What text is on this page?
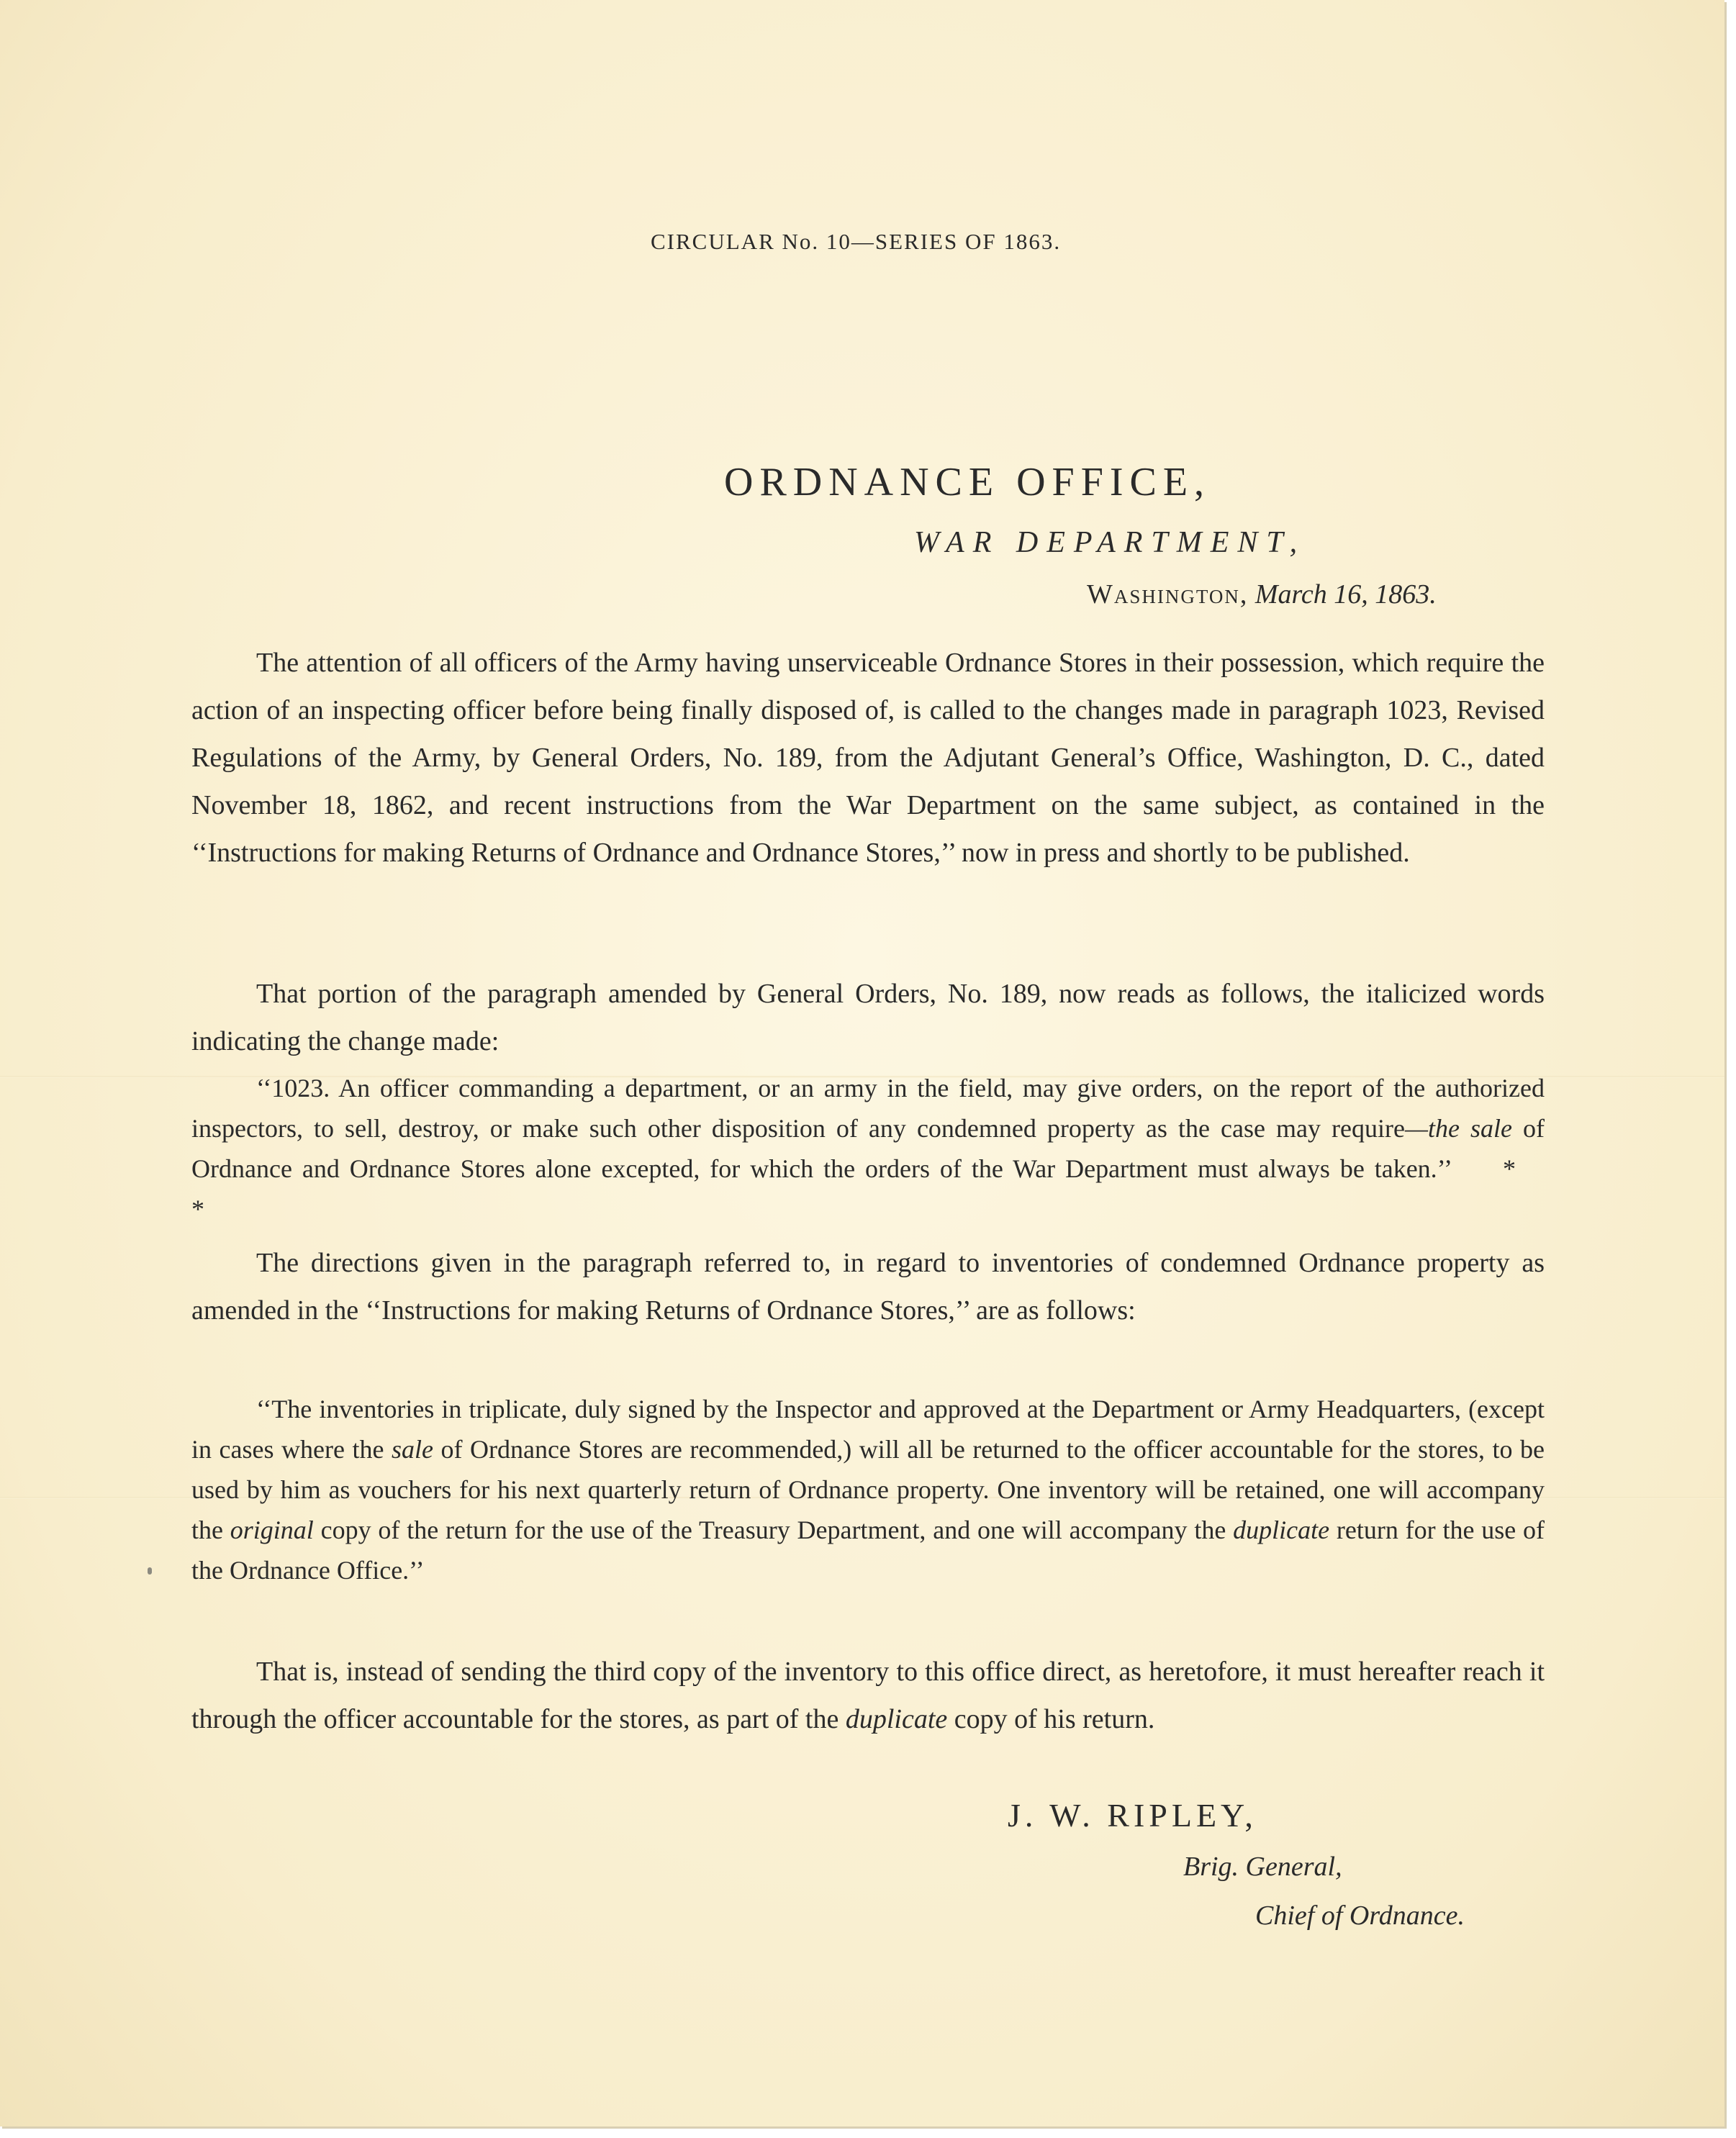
CIRCULAR No. 10—SERIES OF 1863.
ORDNANCE OFFICE,
WAR DEPARTMENT,
Washington, March 16, 1863.

The attention of all officers of the Army having unserviceable Ordnance Stores in their possession, which require the action of an inspecting officer before being finally disposed of, is called to the changes made in paragraph 1023, Revised Regulations of the Army, by General Orders, No. 189, from the Adjutant General’s Office, Washington, D. C., dated November 18, 1862, and recent instructions from the War Department on the same subject, as contained in the ‘‘Instructions for making Returns of Ordnance and Ordnance Stores,’’ now in press and shortly to be published.

That portion of the paragraph amended by General Orders, No. 189, now reads as follows, the italicized words indicating the change made:

‘‘1023. An officer commanding a department, or an army in the field, may give orders, on the report of the authorized inspectors, to sell, destroy, or make such other disposition of any condemned property as the case may require—the sale of Ordnance and Ordnance Stores alone excepted, for which the orders of the War Department must always be taken.’’ * *

The directions given in the paragraph referred to, in regard to inventories of condemned Ordnance property as amended in the ‘‘Instructions for making Returns of Ordnance Stores,’’ are as follows:

‘‘The inventories in triplicate, duly signed by the Inspector and approved at the Department or Army Headquarters, (except in cases where the sale of Ordnance Stores are recommended,) will all be returned to the officer accountable for the stores, to be used by him as vouchers for his next quarterly return of Ordnance property. One inventory will be retained, one will accompany the original copy of the return for the use of the Treasury Department, and one will accompany the duplicate return for the use of the Ordnance Office.’’

That is, instead of sending the third copy of the inventory to this office direct, as heretofore, it must hereafter reach it through the officer accountable for the stores, as part of the duplicate copy of his return.

J. W. RIPLEY,
Brig. General,
Chief of Ordnance.
